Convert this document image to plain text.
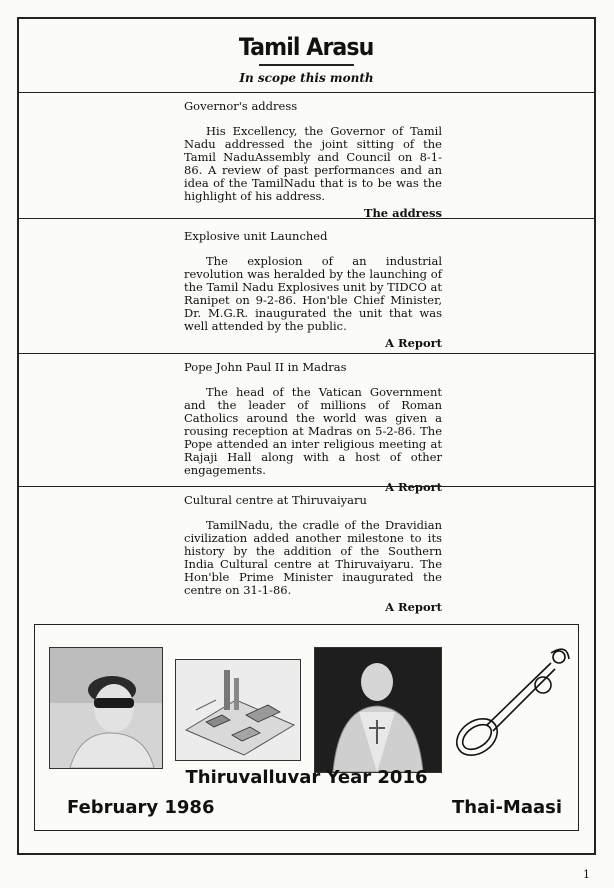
Tamil Arasu
In scope this month

Governor's address

His Excellency, the Governor of Tamil Nadu addressed the joint sitting of the Tamil NaduAssembly and Council on 8-1-86. A review of past performances and an idea of the TamilNadu that is to be was the highlight of his address.

The address

Explosive unit Launched

The explosion of an industrial revolution was heralded by the launching of the Tamil Nadu Explosives unit by TIDCO at Ranipet on 9-2-86. Hon'ble Chief Minister, Dr. M.G.R. inaugurated the unit that was well attended by the public.

A Report

Pope John Paul II in Madras

The head of the Vatican Government and the leader of millions of Roman Catholics around the world was given a rousing reception at Madras on 5-2-86. The Pope attended an inter religious meeting at Rajaji Hall along with a host of other engagements.

A Report

Cultural centre at Thiruvaiyaru

TamilNadu, the cradle of the Dravidian civilization added another milestone to its history by the addition of the Southern India Cultural centre at Thiruvaiyaru. The Hon'ble Prime Minister inaugurated the centre on 31-1-86.

A Report
Thiruvalluvar Year 2016
February 1986	Thai-Maasi
1
